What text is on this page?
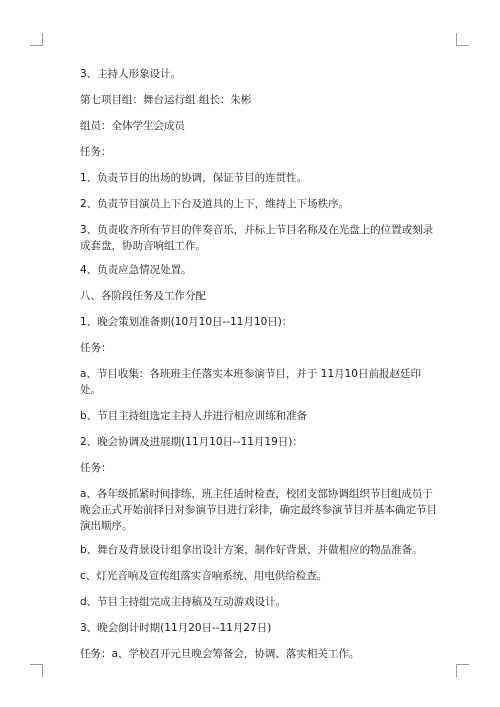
3、主持人形象设计。

第七项目组：舞台运行组 组长：朱彬

组员：全体学生会成员

任务：

1、负责节目的出场的协调，保证节目的连贯性。

2、负责节目演员上下台及道具的上下，维持上下场秩序。

3、负责收齐所有节目的伴奏音乐，并标上节目名称及在光盘上的位置或刻录成套盘，协助音响组工作。

4、负责应急情况处置。

八、各阶段任务及工作分配

1、晚会策划准备期(10月10日--11月10日)：

任务：

a、节目收集：各班班主任落实本班参演节目，并于 11月10日前报赵廷印处。

b、节目主持组选定主持人并进行相应训练和准备

2、晚会协调及进展期(11月10日--11月19日)：

任务：

a、各年级抓紧时间排练，班主任适时检查，校团支部协调组织节目组成员于晚会正式开始前择日对参演节目进行彩排，确定最终参演节目并基本确定节目演出顺序。

b、舞台及背景设计组拿出设计方案，制作好背景，并做相应的物品准备。

c、灯光音响及宣传组落实音响系统、用电供给检查。

d、节目主持组完成主持稿及互动游戏设计。

3、晚会倒计时期(11月20日--11月27日)

任务：a、学校召开元旦晚会筹备会，协调、落实相关工作。
